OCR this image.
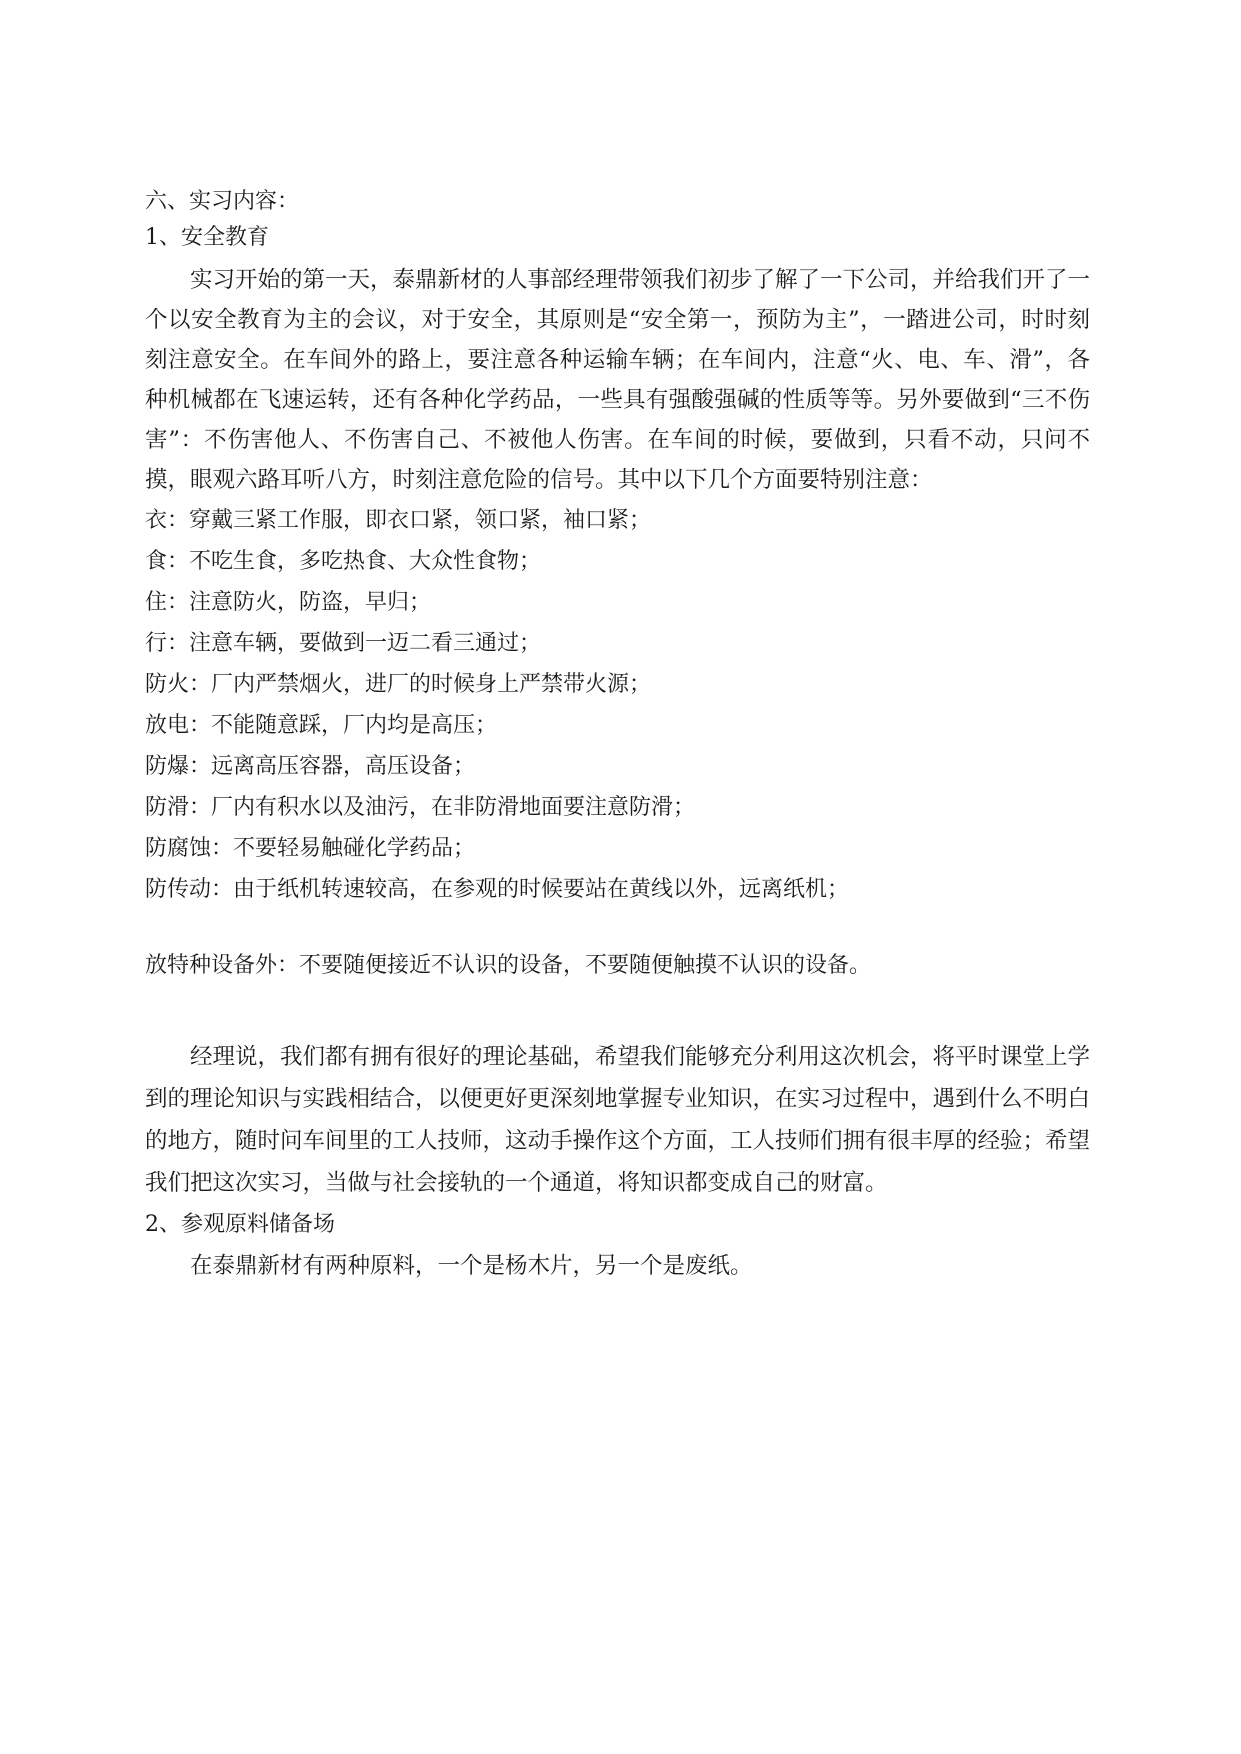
六、实习内容：
1、安全教育

实习开始的第一天，泰鼎新材的人事部经理带领我们初步了解了一下公司，并给我们开了一个以安全教育为主的会议，对于安全，其原则是“安全第一，预防为主”，一踏进公司，时时刻刻注意安全。在车间外的路上，要注意各种运输车辆；在车间内，注意“火、电、车、滑”，各种机械都在飞速运转，还有各种化学药品，一些具有强酸强碱的性质等等。另外要做到“三不伤害”：不伤害他人、不伤害自己、不被他人伤害。在车间的时候，要做到，只看不动，只问不摸，眼观六路耳听八方，时刻注意危险的信号。其中以下几个方面要特别注意：

衣：穿戴三紧工作服，即衣口紧，领口紧，袖口紧；
食：不吃生食，多吃热食、大众性食物；
住：注意防火，防盗，早归；
行：注意车辆，要做到一迈二看三通过；
防火：厂内严禁烟火，进厂的时候身上严禁带火源；
放电：不能随意踩，厂内均是高压；
防爆：远离高压容器，高压设备；
防滑：厂内有积水以及油污，在非防滑地面要注意防滑；
防腐蚀：不要轻易触碰化学药品；
防传动：由于纸机转速较高，在参观的时候要站在黄线以外，远离纸机；
放特种设备外：不要随便接近不认识的设备，不要随便触摸不认识的设备。

经理说，我们都有拥有很好的理论基础，希望我们能够充分利用这次机会，将平时课堂上学到的理论知识与实践相结合，以便更好更深刻地掌握专业知识，在实习过程中，遇到什么不明白的地方，随时问车间里的工人技师，这动手操作这个方面，工人技师们拥有很丰厚的经验；希望我们把这次实习，当做与社会接轨的一个通道，将知识都变成自己的财富。

2、参观原料储备场

在泰鼎新材有两种原料，一个是杨木片，另一个是废纸。
